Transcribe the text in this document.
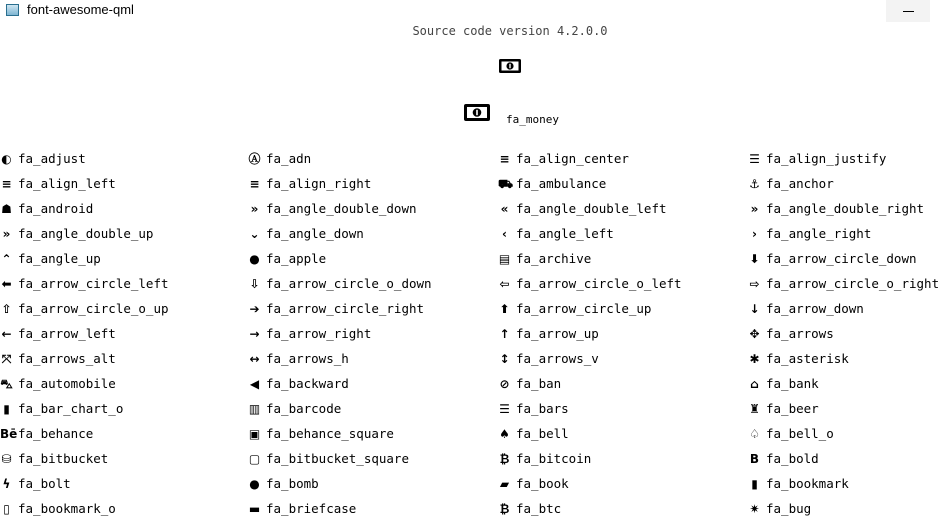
font-awesome-qml
Source code version 4.2.0.0
fa_money
◐ fa_adjust	Ⓐ fa_adn	≡ fa_align_center	☰ fa_align_justify
≡ fa_align_left	≡ fa_align_right	⛟ fa_ambulance	⚓ fa_anchor
☗ fa_android	» fa_angle_double_down	« fa_angle_double_left	» fa_angle_double_right
» fa_angle_double_up	⌄ fa_angle_down	‹ fa_angle_left	› fa_angle_right
⌃ fa_angle_up	● fa_apple	▤ fa_archive	⬇ fa_arrow_circle_down
⬅ fa_arrow_circle_left	⇩ fa_arrow_circle_o_down	⇦ fa_arrow_circle_o_left	⇨ fa_arrow_circle_o_right
⇧ fa_arrow_circle_o_up	➔ fa_arrow_circle_right	⬆ fa_arrow_circle_up	↓ fa_arrow_down
← fa_arrow_left	→ fa_arrow_right	↑ fa_arrow_up	✥ fa_arrows
⤧ fa_arrows_alt	↔ fa_arrows_h	↕ fa_arrows_v	✱ fa_asterisk
⛍ fa_automobile	◀ fa_backward	⊘ fa_ban	⌂ fa_bank
▮ fa_bar_chart_o	▥ fa_barcode	☰ fa_bars	♜ fa_beer
Bē fa_behance	▣ fa_behance_square	♠ fa_bell	♤ fa_bell_o
⛁ fa_bitbucket	▢ fa_bitbucket_square	₿ fa_bitcoin	B fa_bold
ϟ fa_bolt	● fa_bomb	▰ fa_book	▮ fa_bookmark
▯ fa_bookmark_o	▬ fa_briefcase	₿ fa_btc	✷ fa_bug
